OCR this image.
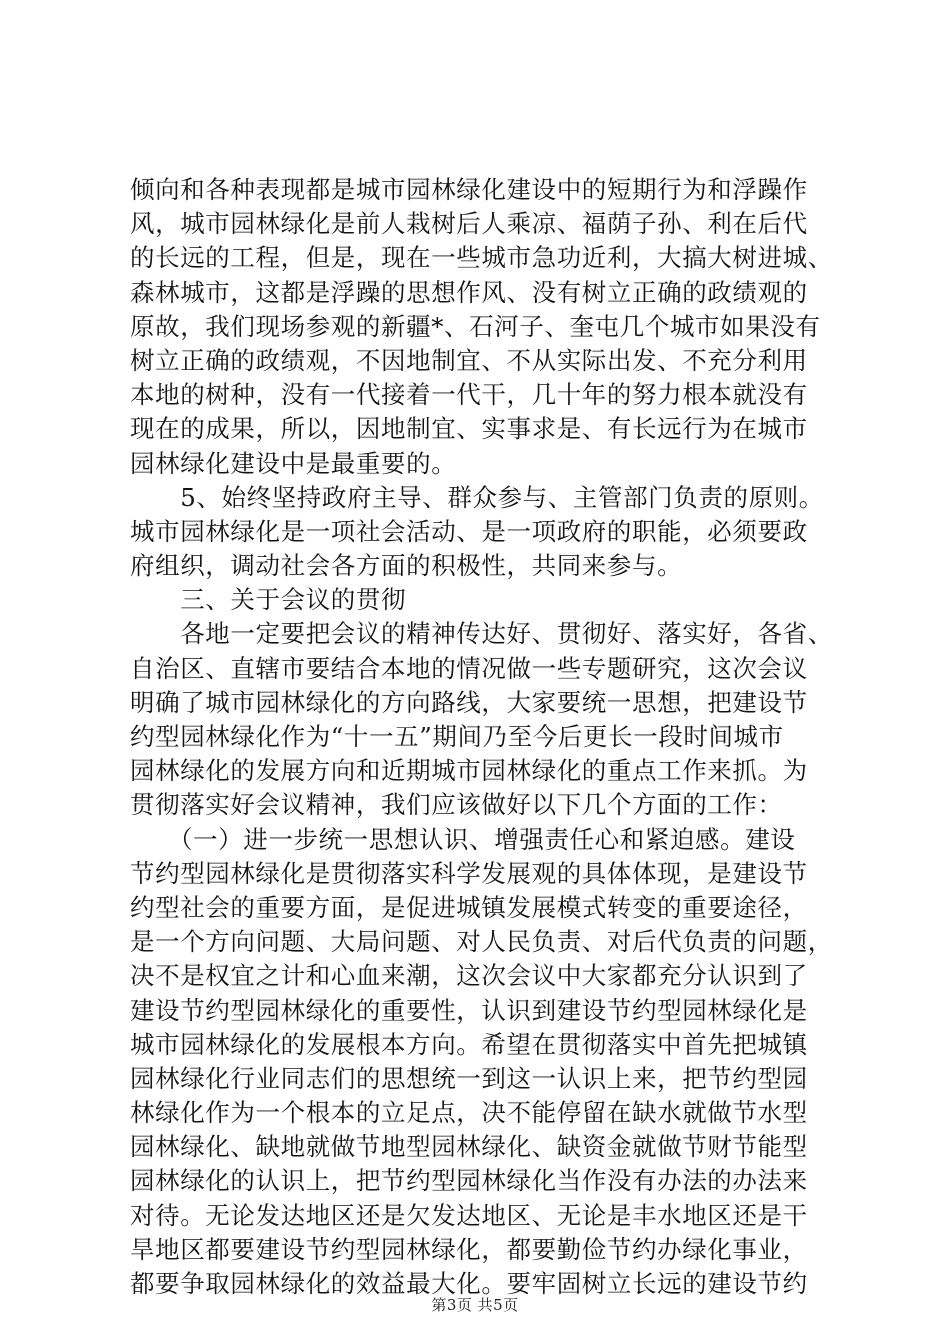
倾向和各种表现都是城市园林绿化建设中的短期行为和浮躁作
风，城市园林绿化是前人栽树后人乘凉、福荫子孙、利在后代
的长远的工程，但是，现在一些城市急功近利，大搞大树进城、
森林城市，这都是浮躁的思想作风、没有树立正确的政绩观的
原故，我们现场参观的新疆*、石河子、奎屯几个城市如果没有
树立正确的政绩观，不因地制宜、不从实际出发、不充分利用
本地的树种，没有一代接着一代干，几十年的努力根本就没有
现在的成果，所以，因地制宜、实事求是、有长远行为在城市
园林绿化建设中是最重要的。
　　5、始终坚持政府主导、群众参与、主管部门负责的原则。
城市园林绿化是一项社会活动、是一项政府的职能，必须要政
府组织，调动社会各方面的积极性，共同来参与。
　　三、关于会议的贯彻
　　各地一定要把会议的精神传达好、贯彻好、落实好，各省、
自治区、直辖市要结合本地的情况做一些专题研究，这次会议
明确了城市园林绿化的方向路线，大家要统一思想，把建设节
约型园林绿化作为“十一五”期间乃至今后更长一段时间城市
园林绿化的发展方向和近期城市园林绿化的重点工作来抓。为
贯彻落实好会议精神，我们应该做好以下几个方面的工作：
　　（一）进一步统一思想认识、增强责任心和紧迫感。建设
节约型园林绿化是贯彻落实科学发展观的具体体现，是建设节
约型社会的重要方面，是促进城镇发展模式转变的重要途径，
是一个方向问题、大局问题、对人民负责、对后代负责的问题，
决不是权宜之计和心血来潮，这次会议中大家都充分认识到了
建设节约型园林绿化的重要性，认识到建设节约型园林绿化是
城市园林绿化的发展根本方向。希望在贯彻落实中首先把城镇
园林绿化行业同志们的思想统一到这一认识上来，把节约型园
林绿化作为一个根本的立足点，决不能停留在缺水就做节水型
园林绿化、缺地就做节地型园林绿化、缺资金就做节财节能型
园林绿化的认识上，把节约型园林绿化当作没有办法的办法来
对待。无论发达地区还是欠发达地区、无论是丰水地区还是干
旱地区都要建设节约型园林绿化，都要勤俭节约办绿化事业，
都要争取园林绿化的效益最大化。要牢固树立长远的建设节约
第3页 共5页
